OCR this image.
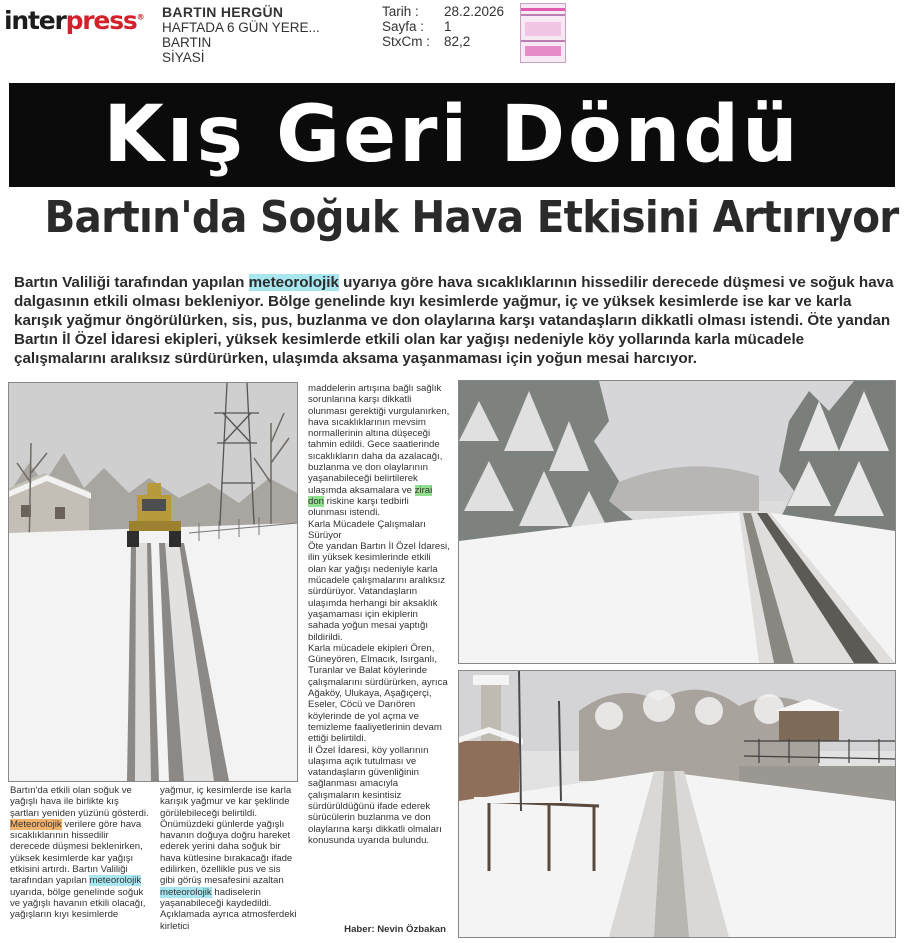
interpress® BARTIN HERGÜN
HAFTADA 6 GÜN YERE...
BARTIN
SİYASİ
Tarih :	28.2.2026
Sayfa :	1
StxCm :	82,2
Kış Geri Döndü
Bartın'da Soğuk Hava Etkisini Artırıyor
Bartın Valiliği tarafından yapılan meteorolojik uyarıya göre hava sıcaklıklarının hissedilir derecede düşmesi ve soğuk hava dalgasının etkili olması bekleniyor. Bölge genelinde kıyı kesimlerde yağmur, iç ve yüksek kesimlerde ise kar ve karla karışık yağmur öngörülürken, sis, pus, buzlanma ve don olaylarına karşı vatandaşların dikkatli olması istendi. Öte yandan Bartın İl Özel İdaresi ekipleri, yüksek kesimlerde etkili olan kar yağışı nedeniyle köy yollarında karla mücadele çalışmalarını aralıksız sürdürürken, ulaşımda aksama yaşanmaması için yoğun mesai harcıyor.
Bartın'da etkili olan soğuk ve yağışlı hava ile birlikte kış şartları yeniden yüzünü gösterdi. Meteorolojik verilere göre hava sıcaklıklarının hissedilir derecede düşmesi beklenirken, yüksek kesimlerde kar yağışı etkisini artırdı. Bartın Valiliği tarafından yapılan meteorolojik uyarıda, bölge genelinde soğuk ve yağışlı havanın etkili olacağı, yağışların kıyı kesimlerde
yağmur, iç kesimlerde ise karla karışık yağmur ve kar şeklinde görülebileceği belirtildi. Önümüzdeki günlerde yağışlı havanın doğuya doğru hareket ederek yerini daha soğuk bir hava kütlesine bırakacağı ifade edilirken, özellikle pus ve sis gibi görüş mesafesini azaltan meteorolojik hadiselerin yaşanabileceği kaydedildi. Açıklamada ayrıca atmosferdeki kirletici
maddelerin artışına bağlı sağlık sorunlarına karşı dikkatli olunması gerektiği vurgulanırken, hava sıcaklıklarının mevsim normallerinin altına düşeceği tahmin edildi. Gece saatlerinde sıcaklıkların daha da azalacağı, buzlanma ve don olaylarının yaşanabileceği belirtilerek ulaşımda aksamalara ve zirai don riskine karşı tedbirli olunması istendi.
Karla Mücadele Çalışmaları Sürüyor
Öte yandan Bartın İl Özel İdaresi, ilin yüksek kesimlerinde etkili olan kar yağışı nedeniyle karla mücadele çalışmalarını aralıksız sürdürüyor. Vatandaşların ulaşımda herhangi bir aksaklık yaşamaması için ekiplerin sahada yoğun mesai yaptığı bildirildi.
Karla mücadele ekipleri Ören, Güneyören, Elmacık, Isırganlı, Turanlar ve Balat köylerinde çalışmalarını sürdürürken, ayrıca Ağaköy, Ulukaya, Aşağıçerçi, Eseler, Cöcü ve Darıören köylerinde de yol açma ve temizleme faaliyetlerinin devam ettiği belirtildi.
İl Özel İdaresi, köy yollarının ulaşıma açık tutulması ve vatandaşların güvenliğinin sağlanması amacıyla çalışmaların kesintisiz sürdürüldüğünü ifade ederek sürücülerin buzlanma ve don olaylarına karşı dikkatli olmaları konusunda uyarıda bulundu.
Haber: Nevin Özbakan
